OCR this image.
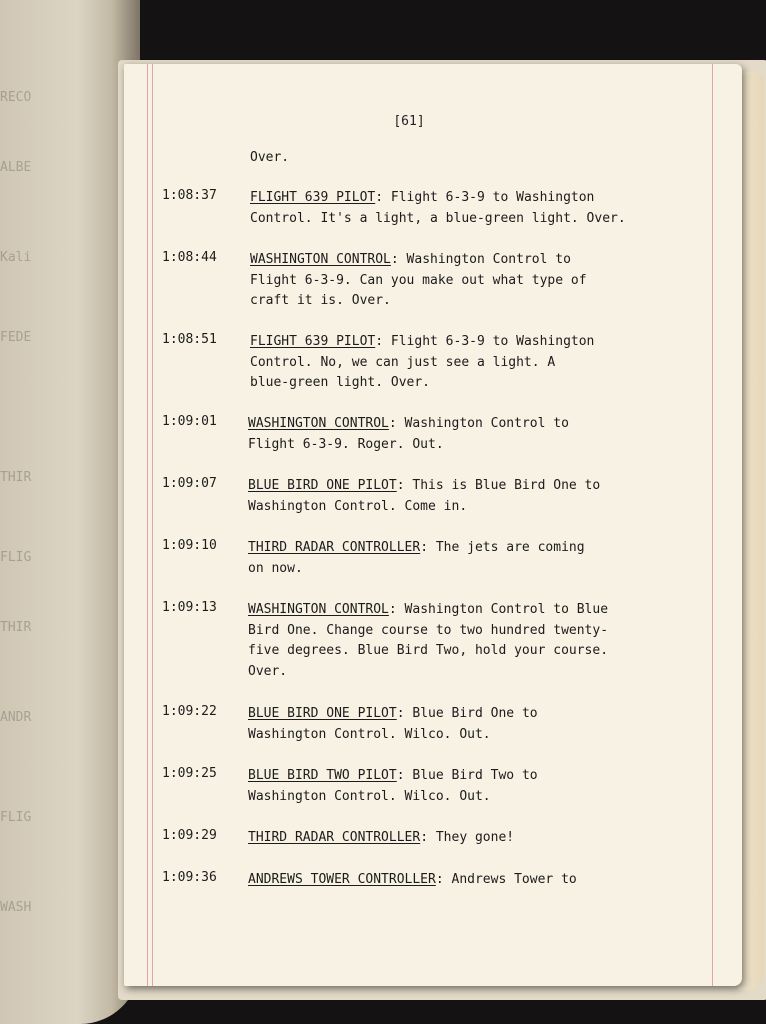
RECO
ALBE
Kali
FEDE
THIR
FLIG
THIR
ANDR
FLIG
WASH
[61]
Over.
1:08:37	FLIGHT 639 PILOT: Flight 6-3-9 to Washington
Control. It's a light, a blue-green light. Over.
1:08:44	WASHINGTON CONTROL: Washington Control to
Flight 6-3-9. Can you make out what type of
craft it is. Over.
1:08:51	FLIGHT 639 PILOT: Flight 6-3-9 to Washington
Control. No, we can just see a light. A
blue-green light. Over.
1:09:01	WASHINGTON CONTROL: Washington Control to
Flight 6-3-9. Roger. Out.
1:09:07	BLUE BIRD ONE PILOT: This is Blue Bird One to
Washington Control. Come in.
1:09:10	THIRD RADAR CONTROLLER: The jets are coming
on now.
1:09:13	WASHINGTON CONTROL: Washington Control to Blue
Bird One. Change course to two hundred twenty-
five degrees. Blue Bird Two, hold your course.
Over.
1:09:22	BLUE BIRD ONE PILOT: Blue Bird One to
Washington Control. Wilco. Out.
1:09:25	BLUE BIRD TWO PILOT: Blue Bird Two to
Washington Control. Wilco. Out.
1:09:29	THIRD RADAR CONTROLLER: They gone!
1:09:36	ANDREWS TOWER CONTROLLER: Andrews Tower to
